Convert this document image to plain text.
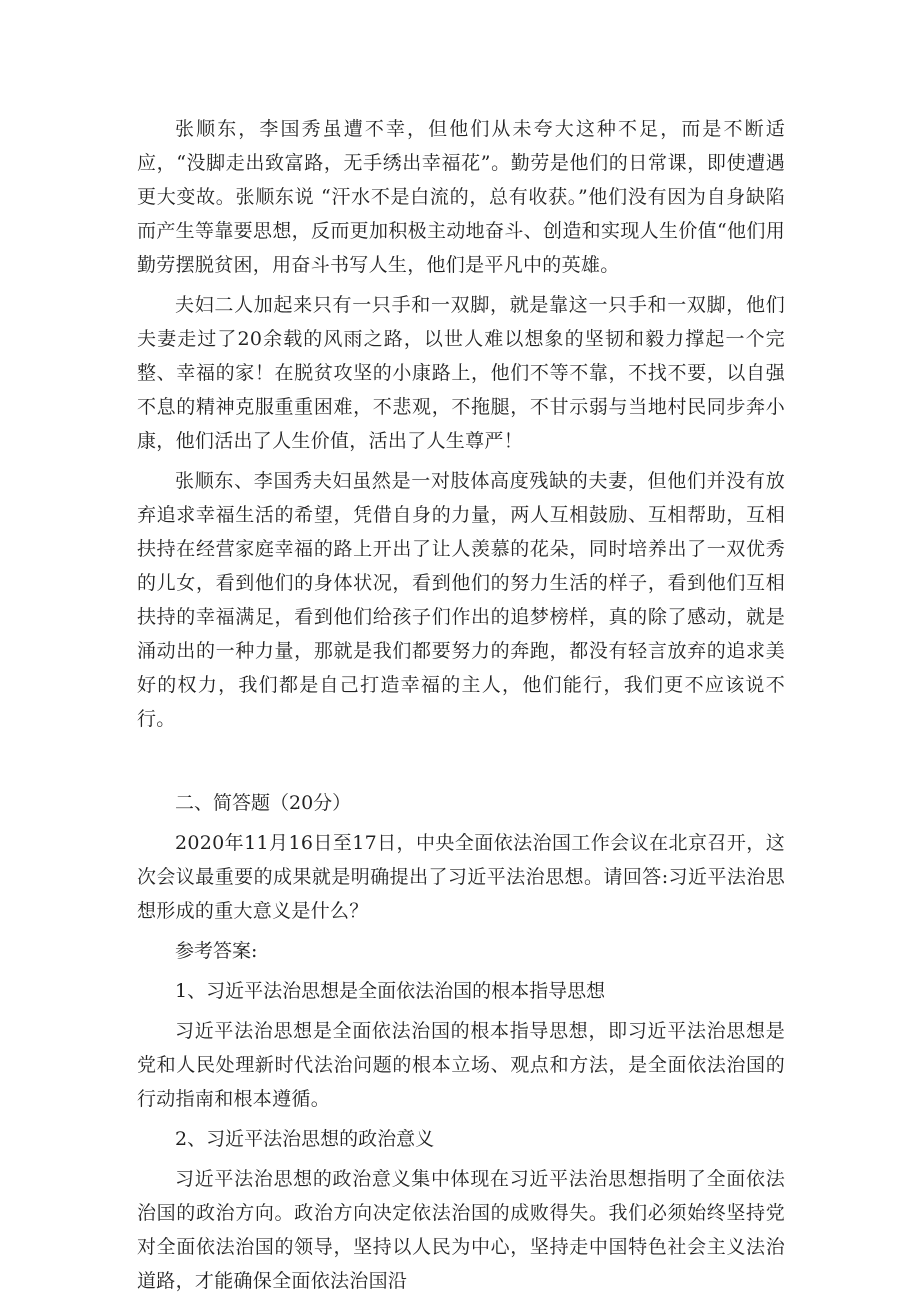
张顺东，李国秀虽遭不幸，但他们从未夸大这种不足，而是不断适应，“没脚走出致富路，无手绣出幸福花”。勤劳是他们的日常课，即使遭遇更大变故。张顺东说 “汗水不是白流的，总有收获。”他们没有因为自身缺陷而产生等靠要思想，反而更加积极主动地奋斗、创造和实现人生价值“他们用勤劳摆脱贫困，用奋斗书写人生，他们是平凡中的英雄。

夫妇二人加起来只有一只手和一双脚，就是靠这一只手和一双脚，他们夫妻走过了20余载的风雨之路，以世人难以想象的坚韧和毅力撑起一个完整、幸福的家！在脱贫攻坚的小康路上，他们不等不靠，不找不要，以自强不息的精神克服重重困难，不悲观，不拖腿，不甘示弱与当地村民同步奔小康，他们活出了人生价值，活出了人生尊严！

张顺东、李国秀夫妇虽然是一对肢体高度残缺的夫妻，但他们并没有放弃追求幸福生活的希望，凭借自身的力量，两人互相鼓励、互相帮助，互相扶持在经营家庭幸福的路上开出了让人羡慕的花朵，同时培养出了一双优秀的儿女，看到他们的身体状况，看到他们的努力生活的样子，看到他们互相扶持的幸福满足，看到他们给孩子们作出的追梦榜样，真的除了感动，就是涌动出的一种力量，那就是我们都要努力的奔跑，都没有轻言放弃的追求美好的权力，我们都是自己打造幸福的主人，他们能行，我们更不应该说不行。

二、简答题（20分）

2020年11月16日至17日，中央全面依法治国工作会议在北京召开，这次会议最重要的成果就是明确提出了习近平法治思想。请回答:习近平法治思想形成的重大意义是什么？

参考答案:

1、习近平法治思想是全面依法治国的根本指导思想

习近平法治思想是全面依法治国的根本指导思想，即习近平法治思想是党和人民处理新时代法治问题的根本立场、观点和方法，是全面依法治国的行动指南和根本遵循。

2、习近平法治思想的政治意义

习近平法治思想的政治意义集中体现在习近平法治思想指明了全面依法治国的政治方向。政治方向决定依法治国的成败得失。我们必须始终坚持党对全面依法治国的领导，坚持以人民为中心，坚持走中国特色社会主义法治道路，才能确保全面依法治国沿
